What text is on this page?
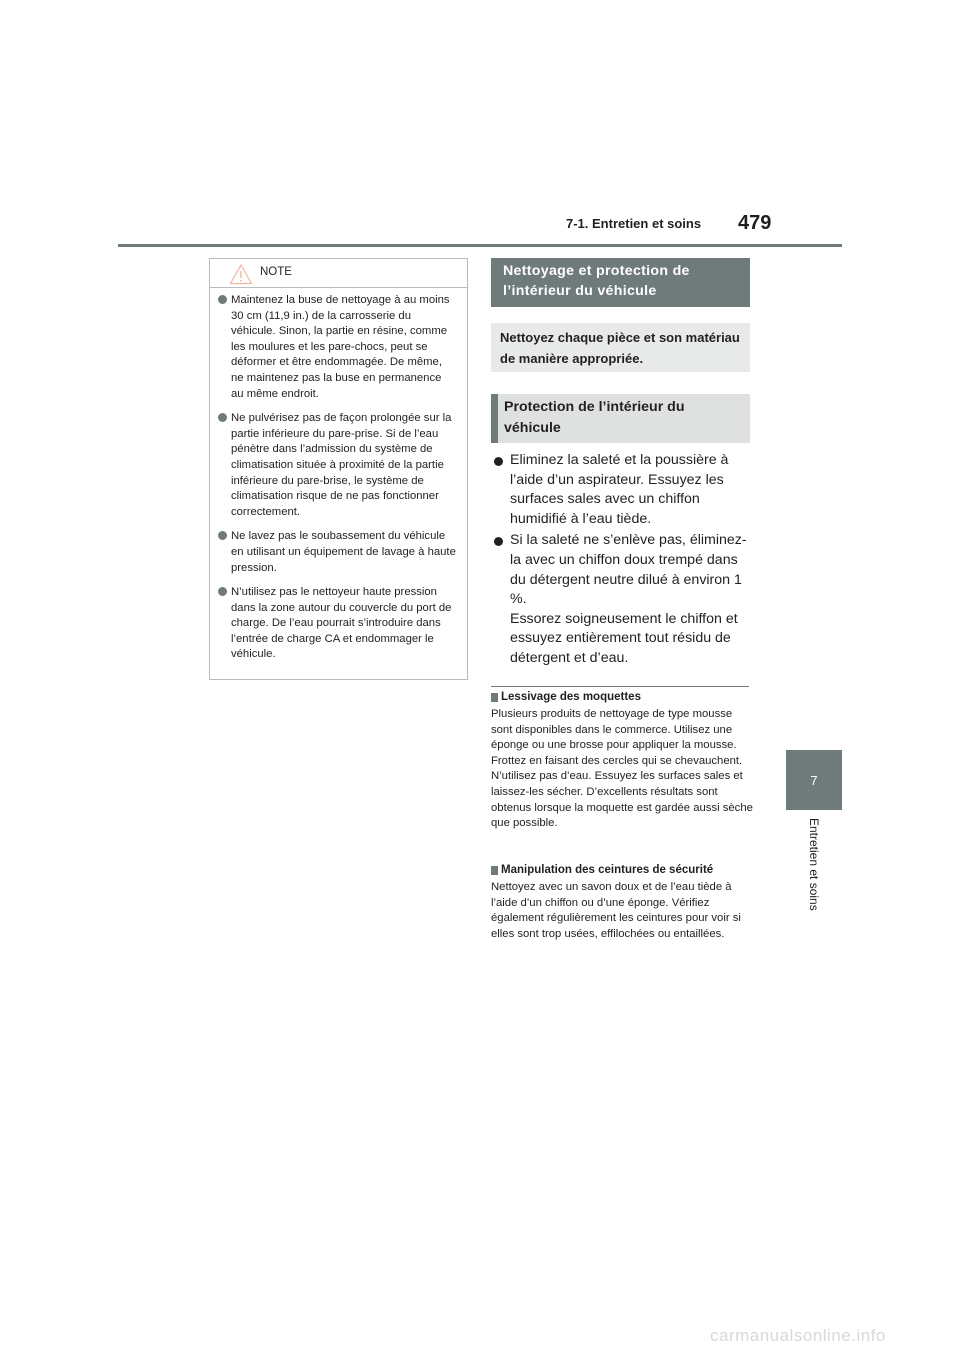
7-1. Entretien et soins 479
7
Entretien et soins
NOTE
Maintenez la buse de nettoyage à au moins 30 cm (11,9 in.) de la carrosserie du véhicule. Sinon, la partie en résine, comme les moulures et les pare-chocs, peut se déformer et être endommagée. De même, ne maintenez pas la buse en permanence au même endroit.
Ne pulvérisez pas de façon prolongée sur la partie inférieure du pare-prise. Si de l’eau pénètre dans l’admission du système de climatisation située à proximité de la partie inférieure du pare-brise, le système de climatisation risque de ne pas fonctionner correctement.
Ne lavez pas le soubassement du véhicule en utilisant un équipement de lavage à haute pression.
N’utilisez pas le nettoyeur haute pression dans la zone autour du couvercle du port de charge. De l’eau pourrait s’introduire dans l’entrée de charge CA et endommager le véhicule.
Nettoyage et protection de l’intérieur du véhicule
Nettoyez chaque pièce et son matériau de manière appropriée.
Protection de l’intérieur du véhicule
Eliminez la saleté et la poussière à l’aide d’un aspirateur. Essuyez les surfaces sales avec un chiffon humidifié à l’eau tiède.
Si la saleté ne s’enlève pas, éliminez-la avec un chiffon doux trempé dans du détergent neutre dilué à environ 1 %.
Essorez soigneusement le chiffon et essuyez entièrement tout résidu de détergent et d’eau.
Lessivage des moquettes
Plusieurs produits de nettoyage de type mousse sont disponibles dans le commerce. Utilisez une éponge ou une brosse pour appliquer la mousse. Frottez en faisant des cercles qui se chevauchent. N’utilisez pas d’eau. Essuyez les surfaces sales et laissez-les sécher. D’excellents résultats sont obtenus lorsque la moquette est gardée aussi sèche que possible.
Manipulation des ceintures de sécurité
Nettoyez avec un savon doux et de l’eau tiède à l’aide d’un chiffon ou d’une éponge. Vérifiez également régulièrement les ceintures pour voir si elles sont trop usées, effilochées ou entaillées.
carmanualsonline.info
